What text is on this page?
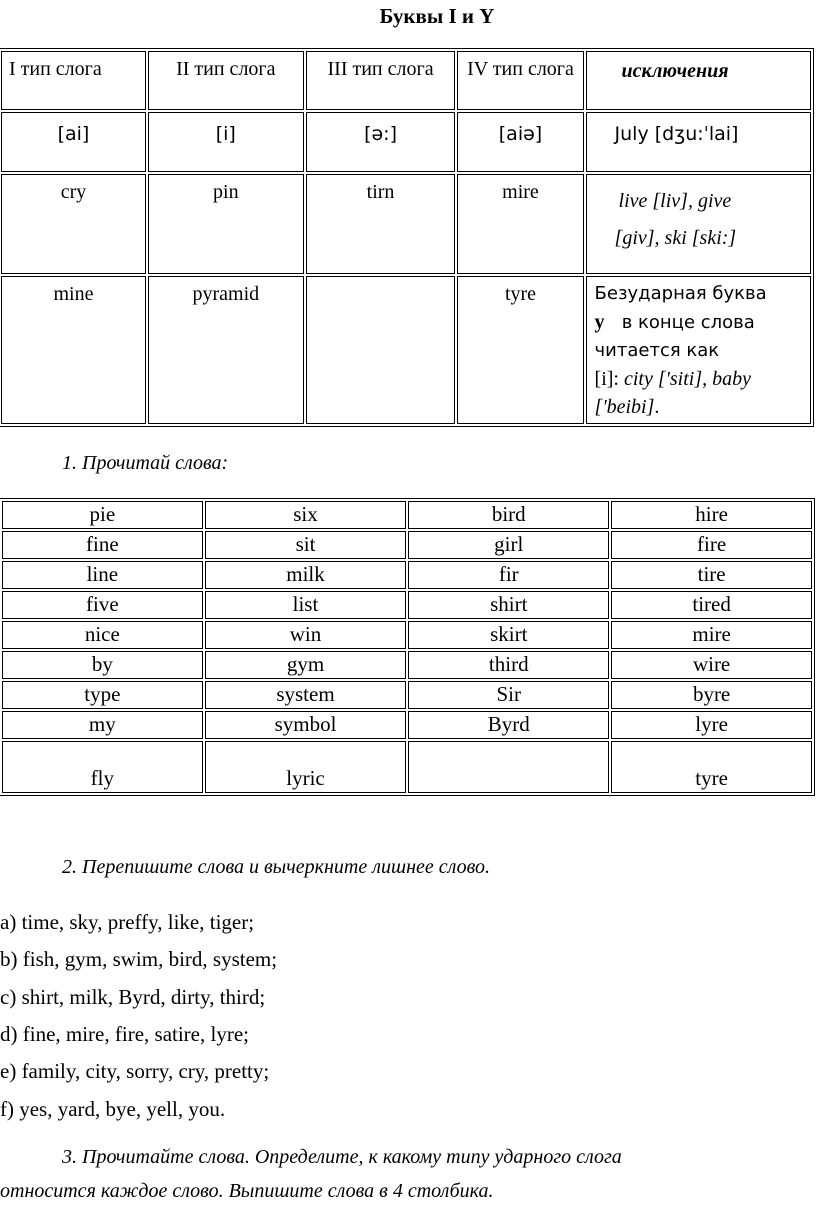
Буквы I и Y
I тип слога	II тип слога	III тип слога	IV тип слога	исключения
[ai]	[i]	[ə:]	[aiə]	July [dʒu:ˈlai]
cry	pin	tirn	mire	live [liv], give
[giv], ski [ski:]

mine	pyramid		tyre	Безударная буква
у в конце слова
читается как
[i]: city ['siti], baby
['beibi].
1. Прочитай слова:
pie	six	bird	hire
fine	sit	girl	fire
line	milk	fir	tire
five	list	shirt	tired
nice	win	skirt	mire
by	gym	third	wire
type	system	Sir	byre
my	symbol	Byrd	lyre
fly	lyric		tyre
2. Перепишите слова и вычеркните лишнее слово.
a) time, sky, preffy, like, tiger;
b) fish, gym, swim, bird, system;
c) shirt, milk, Byrd, dirty, third;
d) fine, mire, fire, satire, lyre;
e) family, city, sorry, cry, pretty;
f) yes, yard, bye, yell, you.
3. Прочитайте слова. Определите, к какому типу ударного слога
относится каждое слово. Выпишите слова в 4 столбика.
